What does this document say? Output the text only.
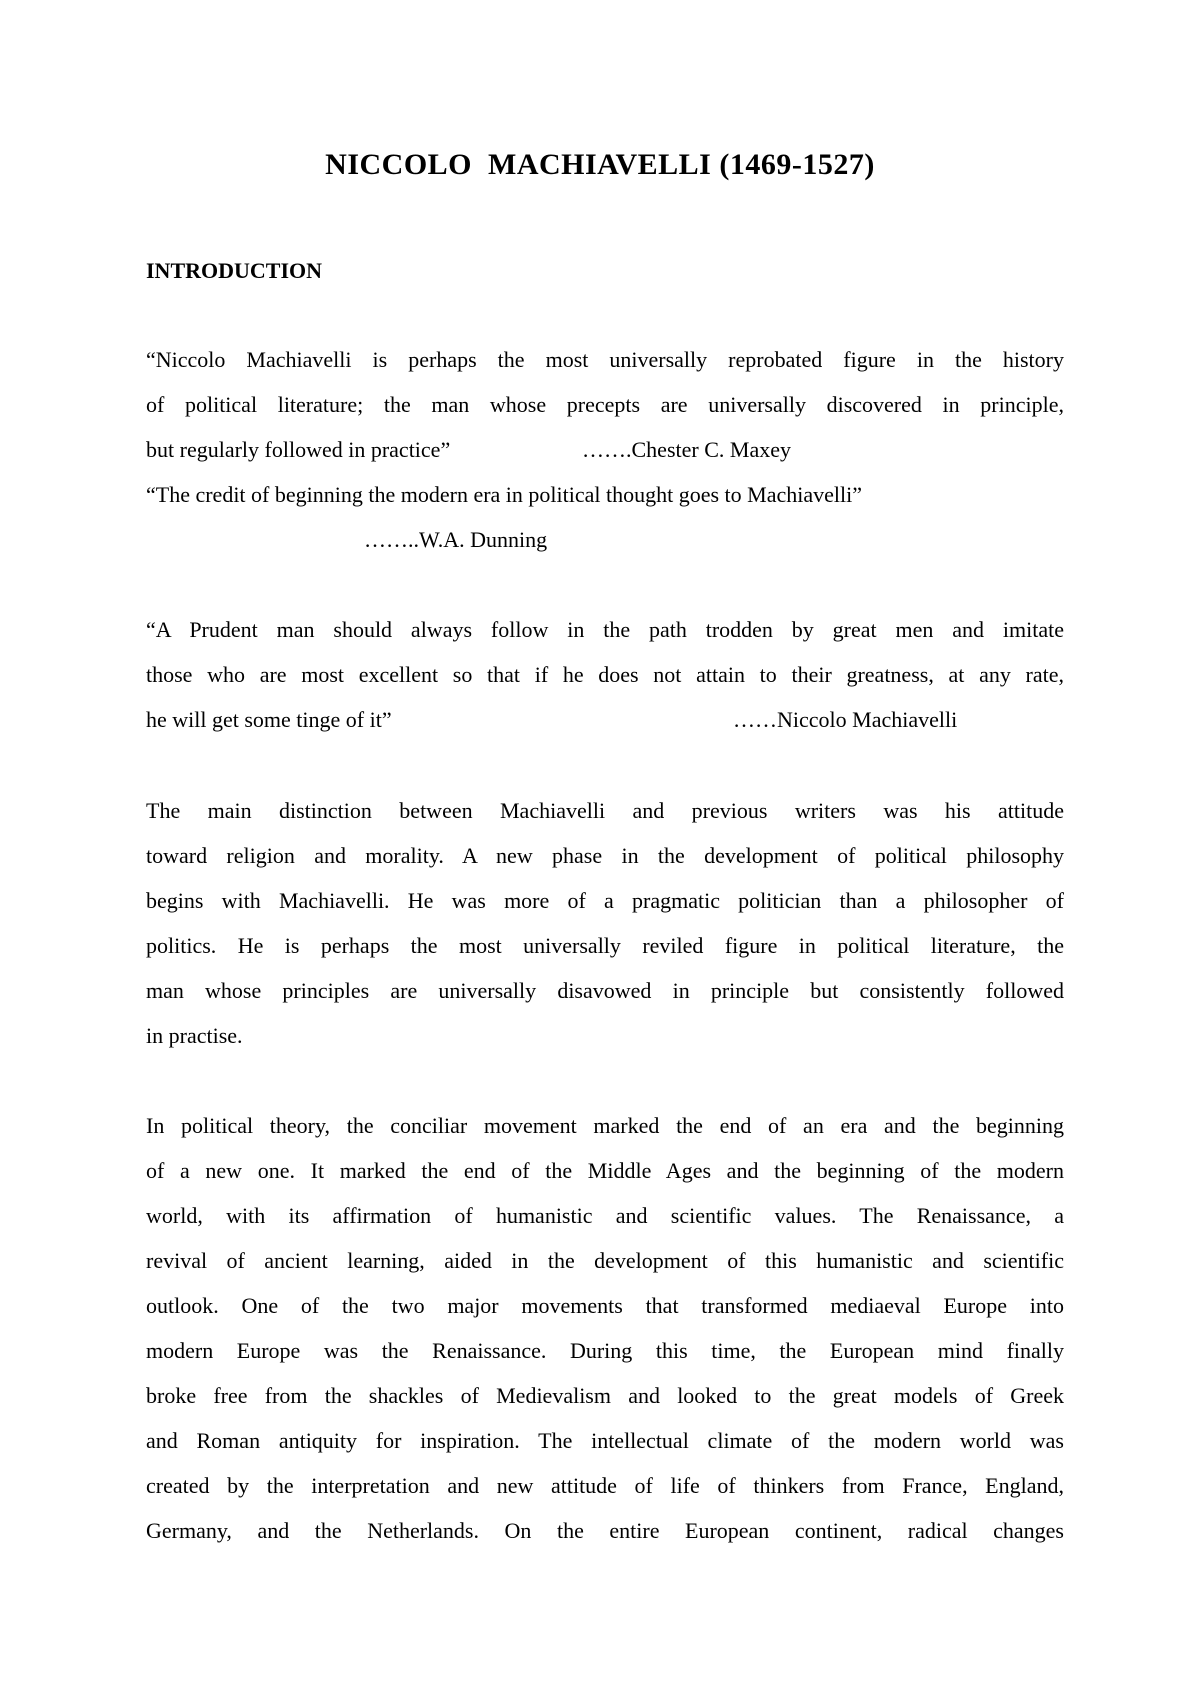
NICCOLO  MACHIAVELLI (1469-1527)
INTRODUCTION
“Niccolo Machiavelli is perhaps the most universally reprobated figure in the history
of political literature; the man whose precepts are universally discovered in principle,
but regularly followed in practice”	…….Chester C. Maxey
“The credit of beginning the modern era in political thought goes to Machiavelli”
……..W.A. Dunning
“A Prudent man should always follow in the path trodden by great men and imitate
those who are most excellent so that if he does not attain to their greatness, at any rate,
he will get some tinge of it”	……Niccolo Machiavelli
The main distinction between Machiavelli and previous writers was his attitude
toward religion and morality. A new phase in the development of political philosophy
begins with Machiavelli. He was more of a pragmatic politician than a philosopher of
politics. He is perhaps the most universally reviled figure in political literature, the
man whose principles are universally disavowed in principle but consistently followed
in practise.
In political theory, the conciliar movement marked the end of an era and the beginning
of a new one. It marked the end of the Middle Ages and the beginning of the modern
world, with its affirmation of humanistic and scientific values. The Renaissance, a
revival of ancient learning, aided in the development of this humanistic and scientific
outlook. One of the two major movements that transformed mediaeval Europe into
modern Europe was the Renaissance. During this time, the European mind finally
broke free from the shackles of Medievalism and looked to the great models of Greek
and Roman antiquity for inspiration. The intellectual climate of the modern world was
created by the interpretation and new attitude of life of thinkers from France, England,
Germany, and the Netherlands. On the entire European continent, radical changes
